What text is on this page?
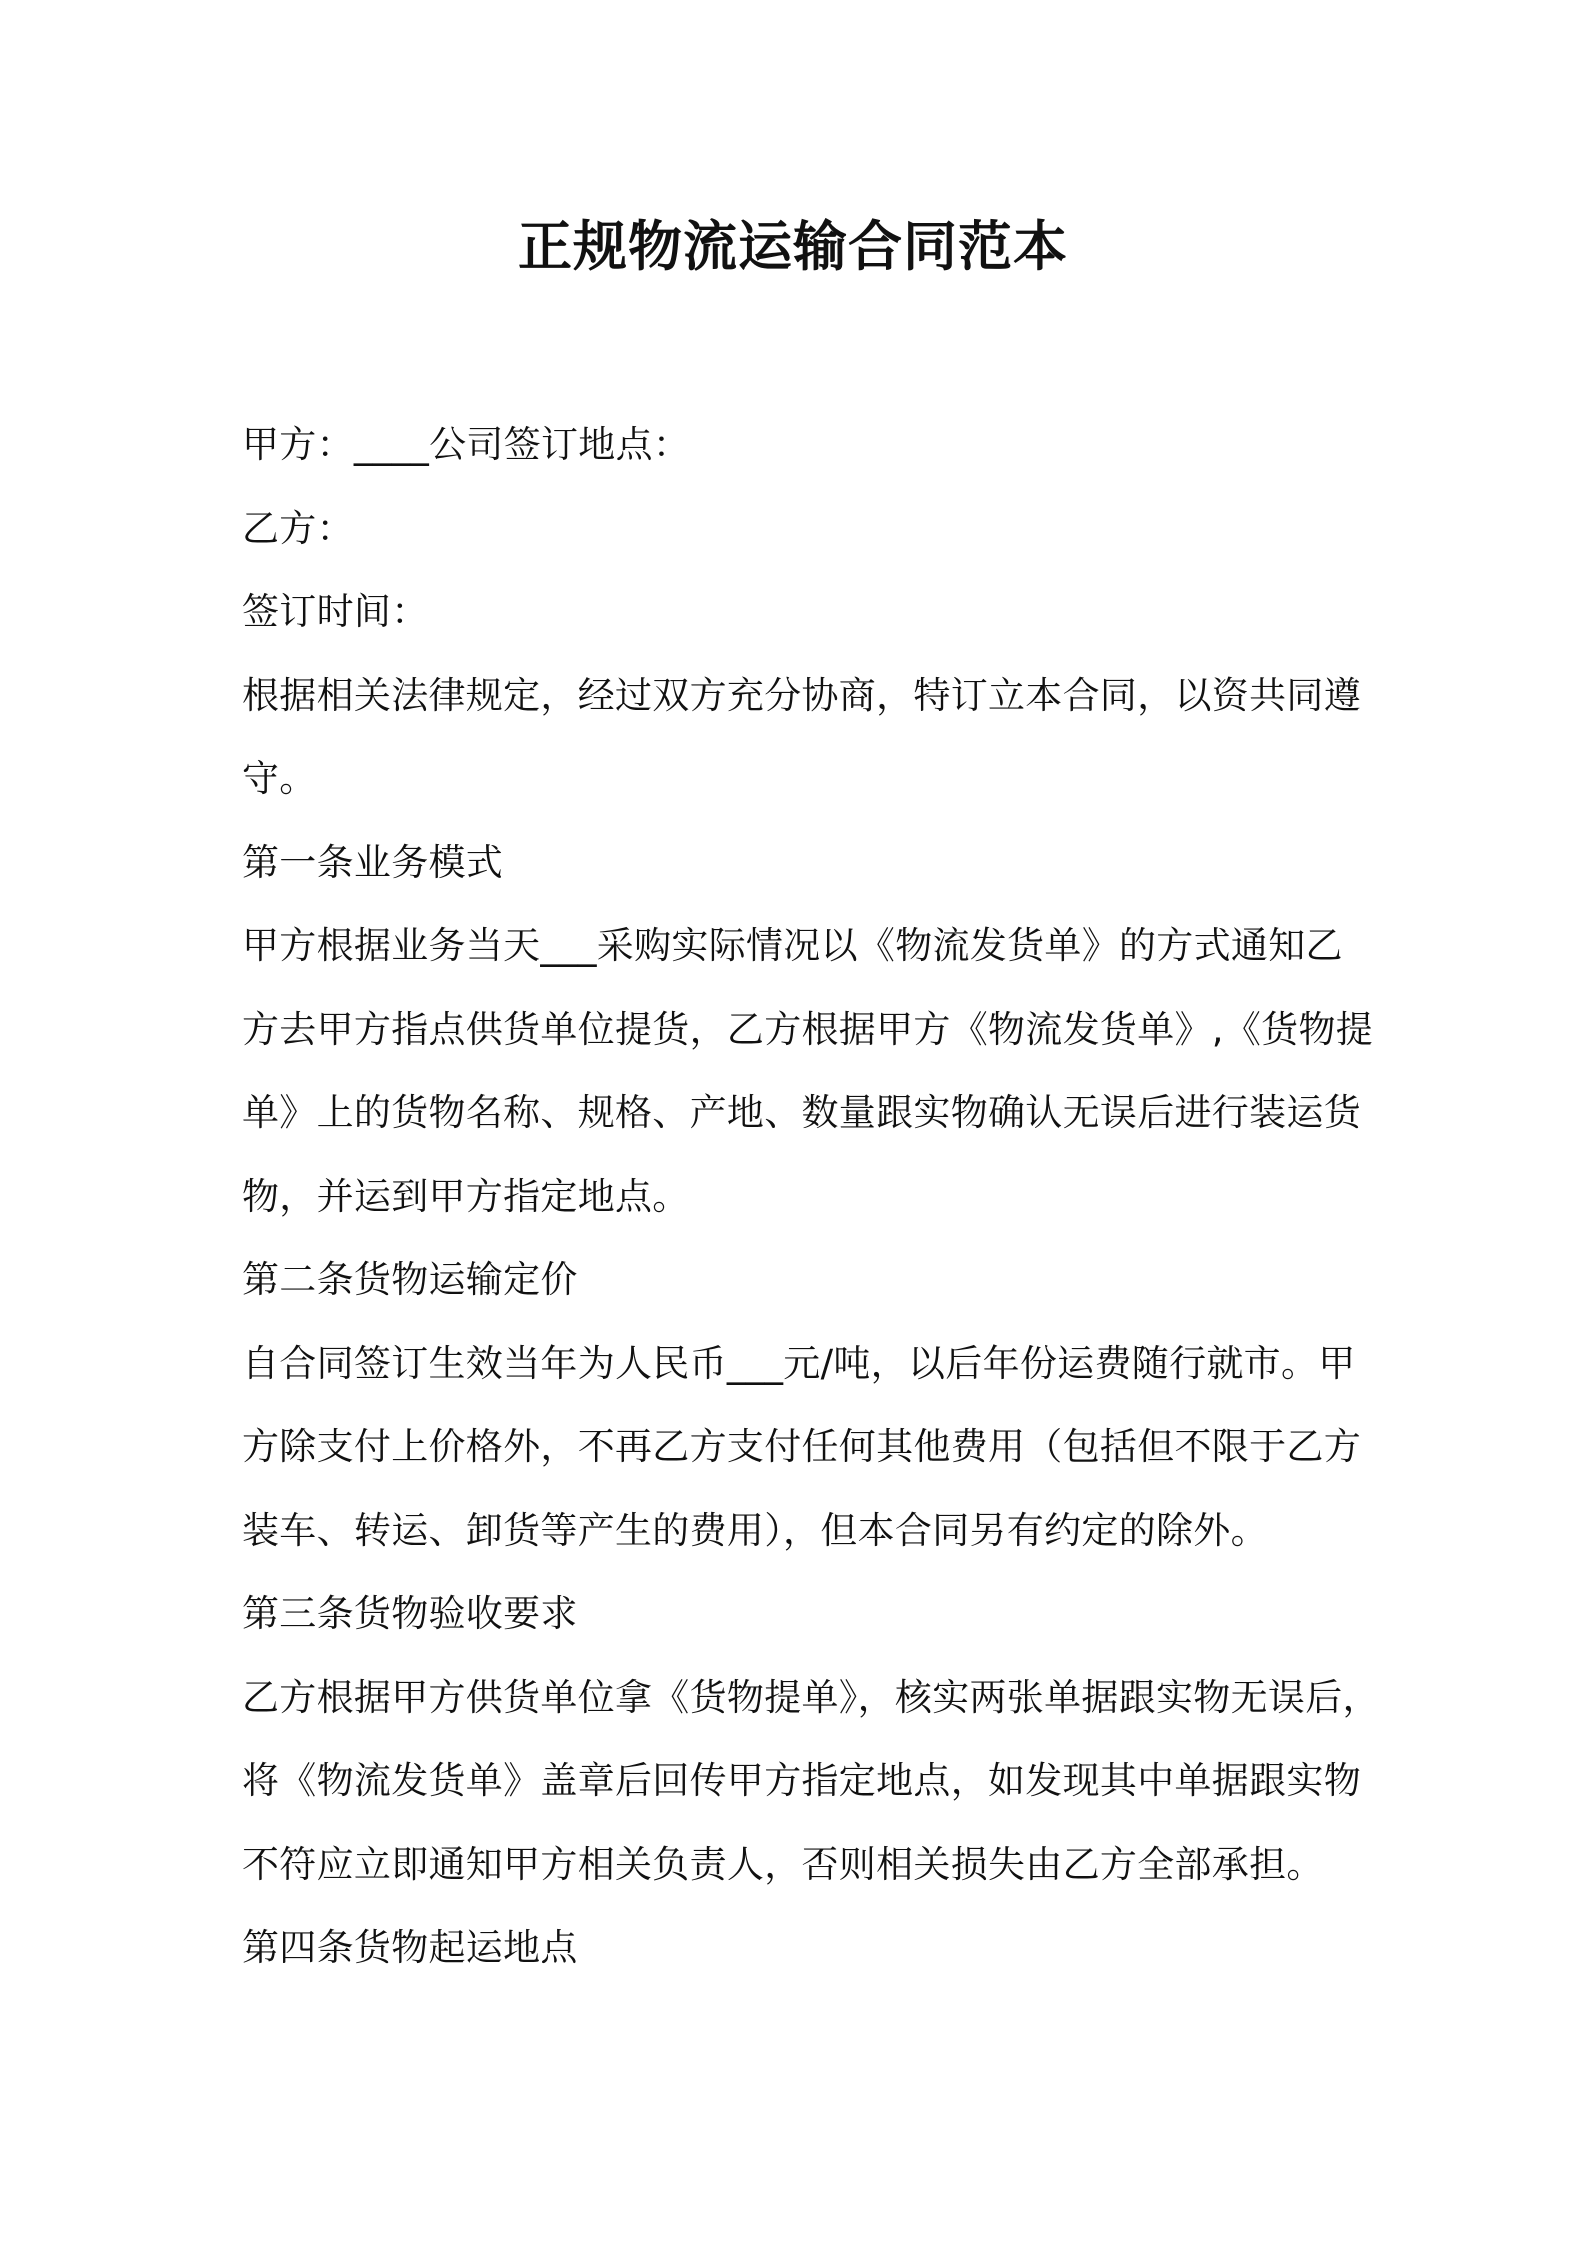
正规物流运输合同范本

甲方：____公司签订地点：

乙方：

签订时间：

根据相关法律规定，经过双方充分协商，特订立本合同，以资共同遵

守。

第一条业务模式

甲方根据业务当天___采购实际情况以《物流发货单》的方式通知乙

方去甲方指点供货单位提货，乙方根据甲方《物流发货单》,《货物提

单》上的货物名称、规格、产地、数量跟实物确认无误后进行装运货

物，并运到甲方指定地点。

第二条货物运输定价

自合同签订生效当年为人民币___元/吨，以后年份运费随行就市。甲

方除支付上价格外，不再乙方支付任何其他费用（包括但不限于乙方

装车、转运、卸货等产生的费用），但本合同另有约定的除外。

第三条货物验收要求

乙方根据甲方供货单位拿《货物提单》，核实两张单据跟实物无误后，

将《物流发货单》盖章后回传甲方指定地点，如发现其中单据跟实物

不符应立即通知甲方相关负责人，否则相关损失由乙方全部承担。

第四条货物起运地点
